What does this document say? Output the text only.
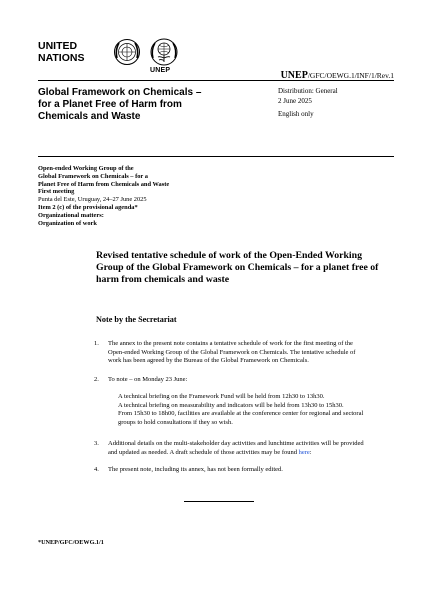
UNITED
NATIONS
UNEP	UNEP/GFC/OEWG.1/INF/1/Rev.1
Global Framework on Chemicals –
for a Planet Free of Harm from
Chemicals and Waste
Distribution: General
2 June 2025
English only
Open-ended Working Group of the
Global Framework on Chemicals – for a
Planet Free of Harm from Chemicals and Waste
First meeting
Punta del Este, Uruguay, 24–27 June 2025
Item 2 (c) of the provisional agenda*
Organizational matters:
Organization of work
Revised tentative schedule of work of the Open-Ended Working
Group of the Global Framework on Chemicals – for a planet free of
harm from chemicals and waste
Note by the Secretariat
1.	The annex to the present note contains a tentative schedule of work for the first meeting of the
Open-ended Working Group of the Global Framework on Chemicals. The tentative schedule of
work has been agreed by the Bureau of the Global Framework on Chemicals.
2.	To note – on Monday 23 June:
A technical briefing on the Framework Fund will be held from 12h30 to 13h30.
A technical briefing on measurability and indicators will be held from 13h30 to 15h30.
From 15h30 to 18h00, facilities are available at the conference center for regional and sectoral
groups to hold consultations if they so wish.
3.	Additional details on the multi-stakeholder day activities and lunchtime activities will be provided
and updated as needed. A draft schedule of those activities may be found here:
4.	The present note, including its annex, has not been formally edited.
*UNEP/GFC/OEWG.1/1
